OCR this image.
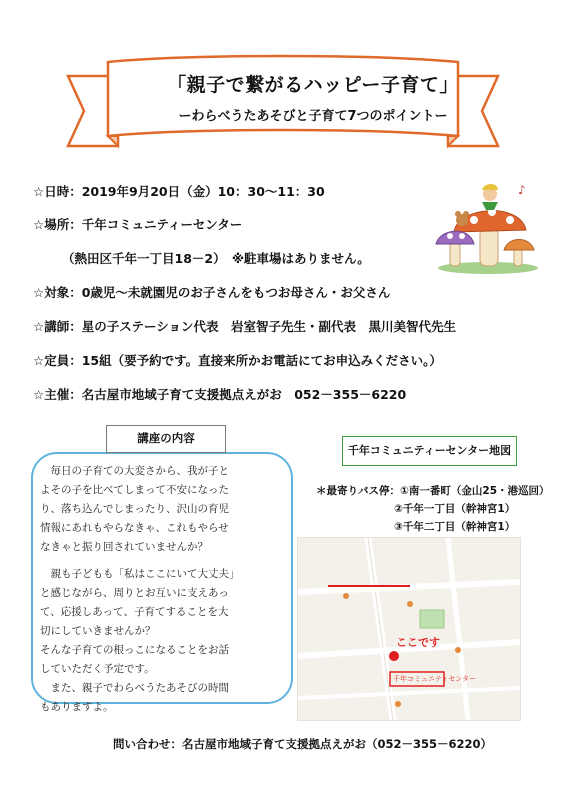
「親子で繋がるハッピー子育て」
ーわらべうたあそびと子育て7つのポイントー
☆日時：2019年9月20日（金）10：30～11：30
☆場所：千年コミュニティーセンター
（熱田区千年一丁目18－2）　※駐車場はありません。
☆対象：0歳児～未就園児のお子さんをもつお母さん・お父さん
☆講師：星の子ステーション代表　岩室智子先生・副代表　黒川美智代先生
☆定員：15組（要予約です。直接来所かお電話にてお申込みください。）
☆主催：名古屋市地域子育て支援拠点えがお　052－355－6220
♪
講座の内容
　毎日の子育ての大変さから、我が子と
よその子を比べてしまって不安になった
り、落ち込んでしまったり、沢山の育児
情報にあれもやらなきゃ、これもやらせ
なきゃと振り回されていませんか？
　親も子どもも「私はここにいて大丈夫」
と感じながら、周りとお互いに支えあっ
て、応援しあって、子育てすることを大
切にしていきませんか？
そんな子育ての根っこになることをお話
していただく予定です。
　また、親子でわらべうたあそびの時間
もありますよ。
千年コミュニティーセンター地図
＊最寄りバス停：①南一番町（金山25・港巡回）
②千年一丁目（幹神宮1）
③千年二丁目（幹神宮1）
ここです
千年コミュニティセンター
問い合わせ：名古屋市地域子育て支援拠点えがお（052－355－6220）
